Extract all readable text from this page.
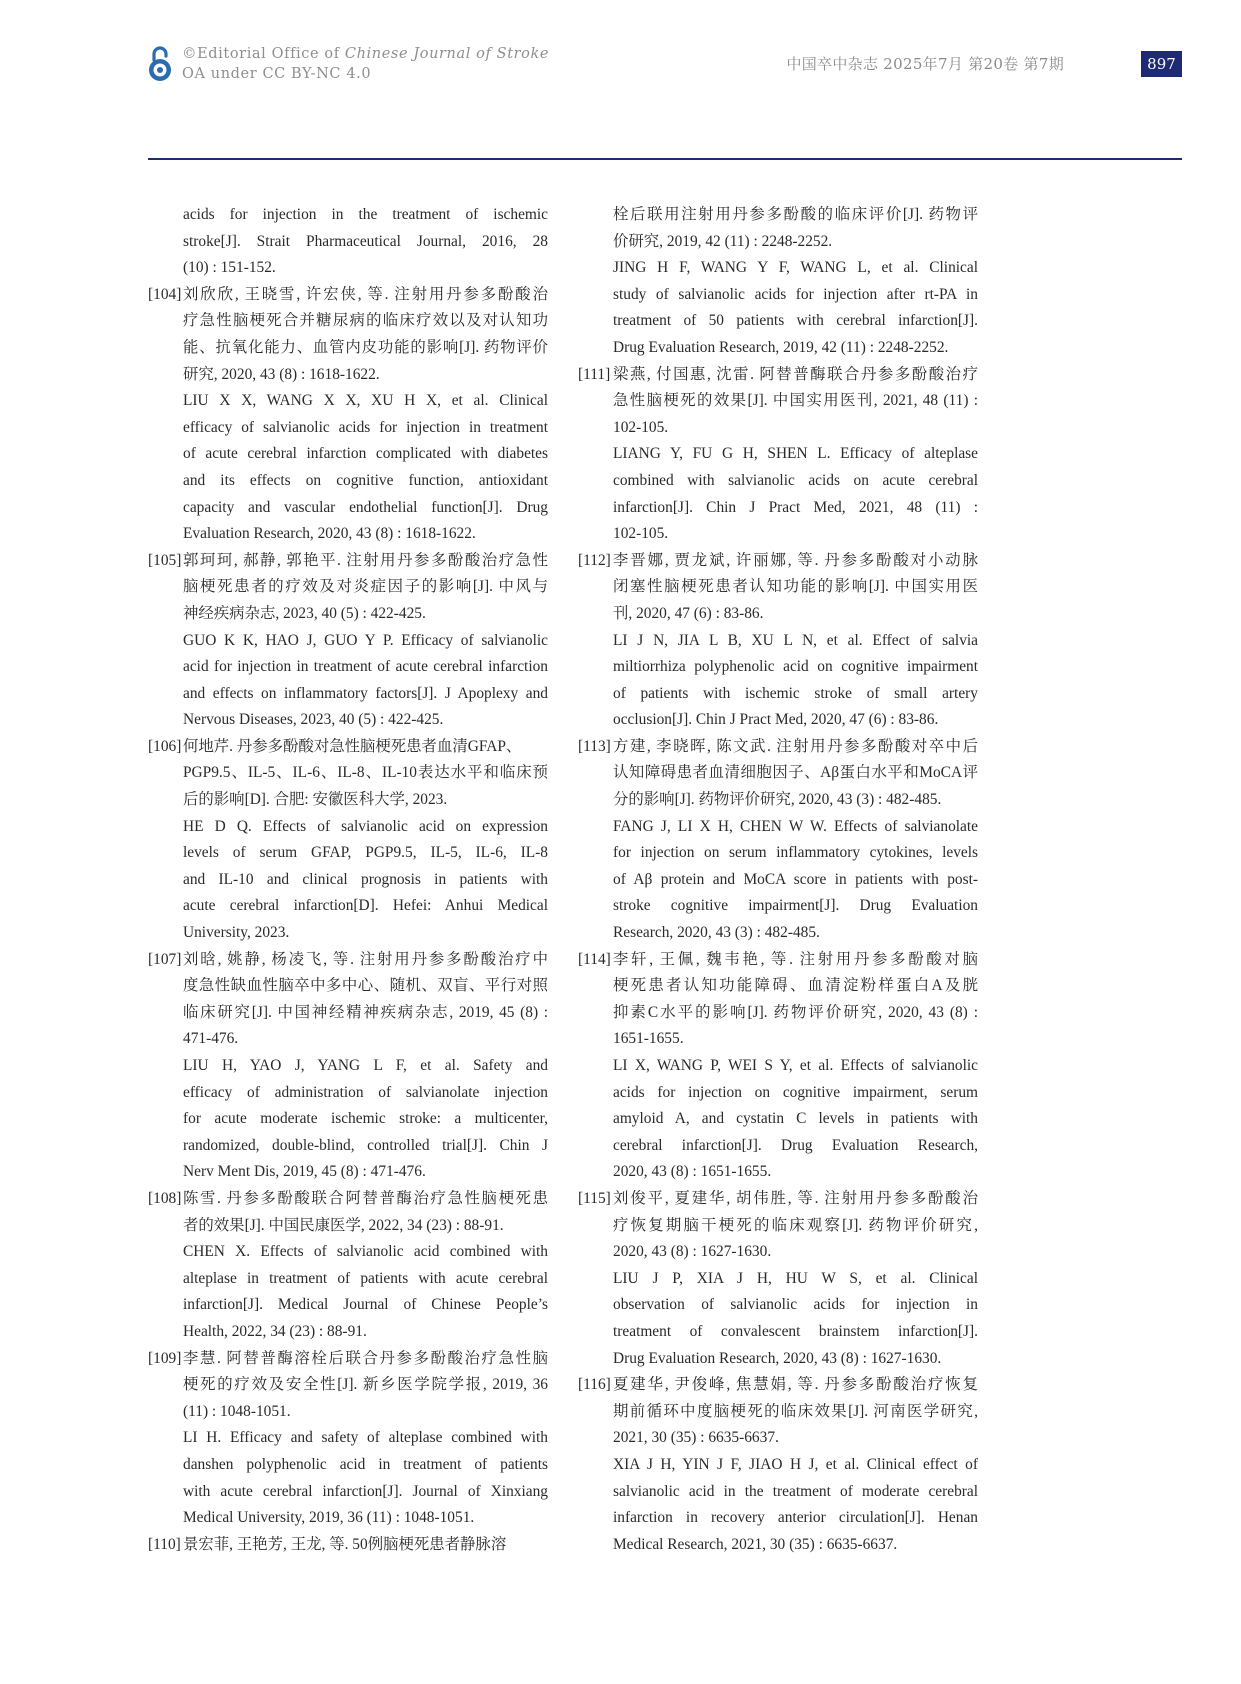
©Editorial Office of Chinese Journal of Stroke
OA under CC BY-NC 4.0
中国卒中杂志 2025年7月 第20卷 第7期	897
acids for injection in the treatment of ischemic
stroke[J]. Strait Pharmaceutical Journal, 2016, 28
(10) : 151-152.
[104] 刘欣欣, 王晓雪, 许宏侠, 等. 注射用丹参多酚酸治
疗急性脑梗死合并糖尿病的临床疗效以及对认知功
能、抗氧化能力、血管内皮功能的影响[J]. 药物评价
研究, 2020, 43 (8) : 1618-1622.
LIU X X, WANG X X, XU H X, et al. Clinical
efficacy of salvianolic acids for injection in treatment
of acute cerebral infarction complicated with diabetes
and its effects on cognitive function, antioxidant
capacity and vascular endothelial function[J]. Drug
Evaluation Research, 2020, 43 (8) : 1618-1622.
[105] 郭珂珂, 郝静, 郭艳平. 注射用丹参多酚酸治疗急性
脑梗死患者的疗效及对炎症因子的影响[J]. 中风与
神经疾病杂志, 2023, 40 (5) : 422-425.
GUO K K, HAO J, GUO Y P. Efficacy of salvianolic
acid for injection in treatment of acute cerebral infarction
and effects on inflammatory factors[J]. J Apoplexy and
Nervous Diseases, 2023, 40 (5) : 422-425.
[106] 何地芹. 丹参多酚酸对急性脑梗死患者血清GFAP、
PGP9.5、IL-5、IL-6、IL-8、IL-10表达水平和临床预
后的影响[D]. 合肥: 安徽医科大学, 2023.
HE D Q. Effects of salvianolic acid on expression
levels of serum GFAP, PGP9.5, IL-5, IL-6, IL-8
and IL-10 and clinical prognosis in patients with
acute cerebral infarction[D]. Hefei: Anhui Medical
University, 2023.
[107] 刘晗, 姚静, 杨凌飞, 等. 注射用丹参多酚酸治疗中
度急性缺血性脑卒中多中心、随机、双盲、平行对照
临床研究[J]. 中国神经精神疾病杂志, 2019, 45 (8) :
471-476.
LIU H, YAO J, YANG L F, et al. Safety and
efficacy of administration of salvianolate injection
for acute moderate ischemic stroke: a multicenter,
randomized, double-blind, controlled trial[J]. Chin J
Nerv Ment Dis, 2019, 45 (8) : 471-476.
[108] 陈雪. 丹参多酚酸联合阿替普酶治疗急性脑梗死患
者的效果[J]. 中国民康医学, 2022, 34 (23) : 88-91.
CHEN X. Effects of salvianolic acid combined with
alteplase in treatment of patients with acute cerebral
infarction[J]. Medical Journal of Chinese People’s
Health, 2022, 34 (23) : 88-91.
[109] 李慧. 阿替普酶溶栓后联合丹参多酚酸治疗急性脑
梗死的疗效及安全性[J]. 新乡医学院学报, 2019, 36
(11) : 1048-1051.
LI H. Efficacy and safety of alteplase combined with
danshen polyphenolic acid in treatment of patients
with acute cerebral infarction[J]. Journal of Xinxiang
Medical University, 2019, 36 (11) : 1048-1051.
[110] 景宏菲, 王艳芳, 王龙, 等. 50例脑梗死患者静脉溶
栓后联用注射用丹参多酚酸的临床评价[J]. 药物评
价研究, 2019, 42 (11) : 2248-2252.
JING H F, WANG Y F, WANG L, et al. Clinical
study of salvianolic acids for injection after rt-PA in
treatment of 50 patients with cerebral infarction[J].
Drug Evaluation Research, 2019, 42 (11) : 2248-2252.
[111] 梁燕, 付国惠, 沈雷. 阿替普酶联合丹参多酚酸治疗
急性脑梗死的效果[J]. 中国实用医刊, 2021, 48 (11) :
102-105.
LIANG Y, FU G H, SHEN L. Efficacy of alteplase
combined with salvianolic acids on acute cerebral
infarction[J]. Chin J Pract Med, 2021, 48 (11) :
102-105.
[112] 李晋娜, 贾龙斌, 许丽娜, 等. 丹参多酚酸对小动脉
闭塞性脑梗死患者认知功能的影响[J]. 中国实用医
刊, 2020, 47 (6) : 83-86.
LI J N, JIA L B, XU L N, et al. Effect of salvia
miltiorrhiza polyphenolic acid on cognitive impairment
of patients with ischemic stroke of small artery
occlusion[J]. Chin J Pract Med, 2020, 47 (6) : 83-86.
[113] 方建, 李晓晖, 陈文武. 注射用丹参多酚酸对卒中后
认知障碍患者血清细胞因子、Aβ蛋白水平和MoCA评
分的影响[J]. 药物评价研究, 2020, 43 (3) : 482-485.
FANG J, LI X H, CHEN W W. Effects of salvianolate
for injection on serum inflammatory cytokines, levels
of Aβ protein and MoCA score in patients with post-
stroke cognitive impairment[J]. Drug Evaluation
Research, 2020, 43 (3) : 482-485.
[114] 李轩, 王佩, 魏韦艳, 等. 注射用丹参多酚酸对脑
梗死患者认知功能障碍、血清淀粉样蛋白A及胱
抑素C水平的影响[J]. 药物评价研究, 2020, 43 (8) :
1651-1655.
LI X, WANG P, WEI S Y, et al. Effects of salvianolic
acids for injection on cognitive impairment, serum
amyloid A, and cystatin C levels in patients with
cerebral infarction[J]. Drug Evaluation Research,
2020, 43 (8) : 1651-1655.
[115] 刘俊平, 夏建华, 胡伟胜, 等. 注射用丹参多酚酸治
疗恢复期脑干梗死的临床观察[J]. 药物评价研究,
2020, 43 (8) : 1627-1630.
LIU J P, XIA J H, HU W S, et al. Clinical
observation of salvianolic acids for injection in
treatment of convalescent brainstem infarction[J].
Drug Evaluation Research, 2020, 43 (8) : 1627-1630.
[116] 夏建华, 尹俊峰, 焦慧娟, 等. 丹参多酚酸治疗恢复
期前循环中度脑梗死的临床效果[J]. 河南医学研究,
2021, 30 (35) : 6635-6637.
XIA J H, YIN J F, JIAO H J, et al. Clinical effect of
salvianolic acid in the treatment of moderate cerebral
infarction in recovery anterior circulation[J]. Henan
Medical Research, 2021, 30 (35) : 6635-6637.
